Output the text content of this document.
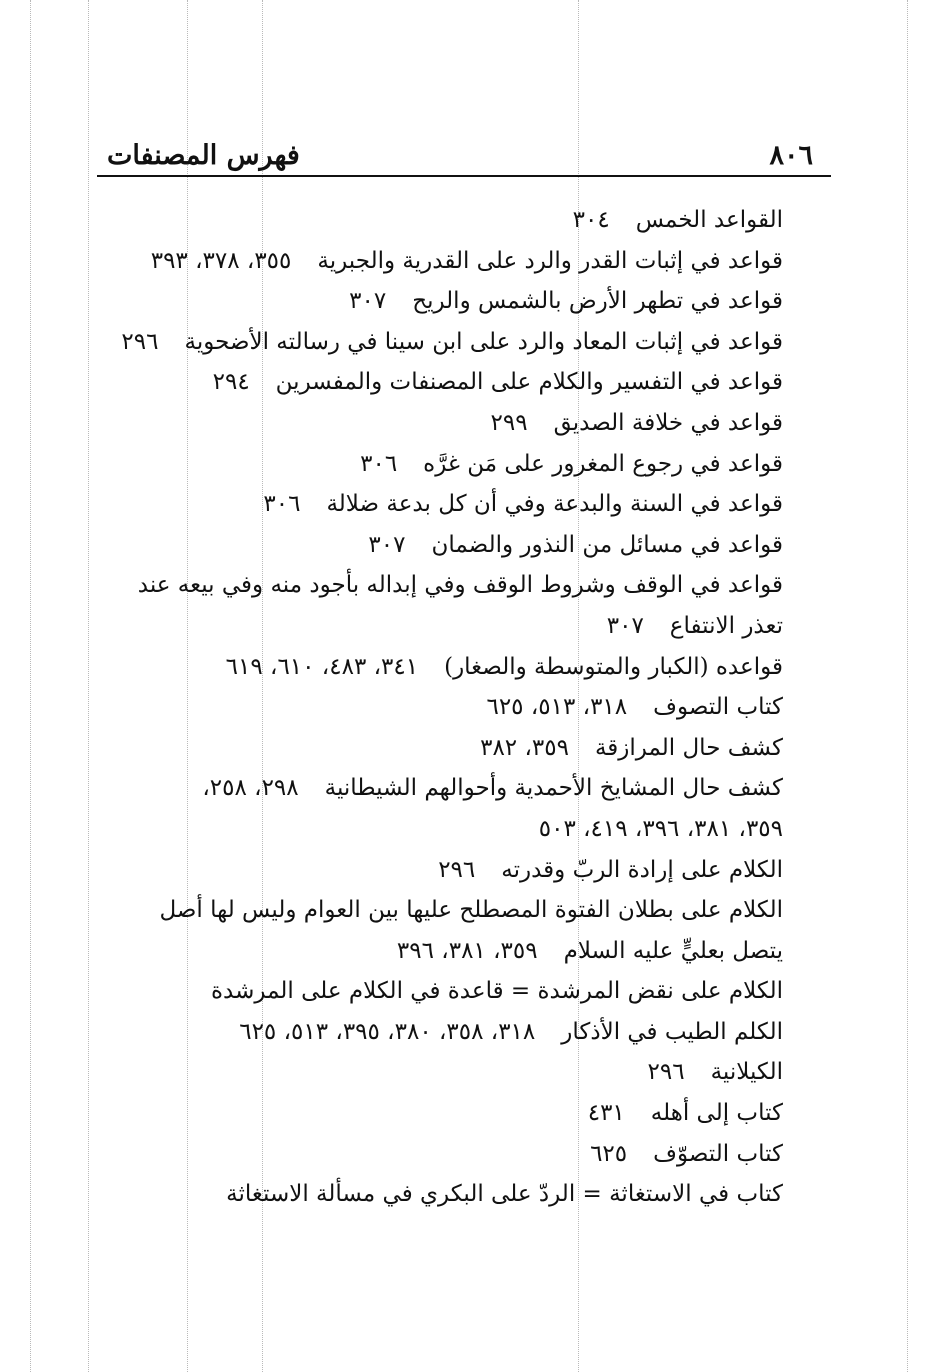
٨٠٦
فهرس المصنفات
القواعد الخمس٣٠٤
قواعد في إثبات القدر والرد على القدرية والجبرية٣٥٥، ٣٧٨، ٣٩٣
قواعد في تطهر الأرض بالشمس والريح٣٠٧
قواعد في إثبات المعاد والرد على ابن سينا في رسالته الأضحوية٢٩٦
قواعد في التفسير والكلام على المصنفات والمفسرين٢٩٤
قواعد في خلافة الصديق٢٩٩
قواعد في رجوع المغرور على مَن غرَّه٣٠٦
قواعد في السنة والبدعة وفي أن كل بدعة ضلالة٣٠٦
قواعد في مسائل من النذور والضمان٣٠٧
قواعد في الوقف وشروط الوقف وفي إبداله بأجود منه وفي بيعه عند
تعذر الانتفاع٣٠٧
قواعده (الكبار والمتوسطة والصغار)٣٤١، ٤٨٣، ٦١٠، ٦١٩
كتاب التصوف٣١٨، ٥١٣، ٦٢٥
كشف حال المرازقة٣٥٩، ٣٨٢
كشف حال المشايخ الأحمدية وأحوالهم الشيطانية٢٩٨، ٢٥٨،
٣٥٩، ٣٨١، ٣٩٦، ٤١٩، ٥٠٣
الكلام على إرادة الربّ وقدرته٢٩٦
الكلام على بطلان الفتوة المصطلح عليها بين العوام وليس لها أصل
يتصل بعليٍّ عليه السلام٣٥٩، ٣٨١، ٣٩٦
الكلام على نقض المرشدة = قاعدة في الكلام على المرشدة
الكلم الطيب في الأذكار٣١٨، ٣٥٨، ٣٨٠، ٣٩٥، ٥١٣، ٦٢٥
الكيلانية٢٩٦
كتاب إلى أهله٤٣١
كتاب التصوّف٦٢٥
كتاب في الاستغاثة = الردّ على البكري في مسألة الاستغاثة
